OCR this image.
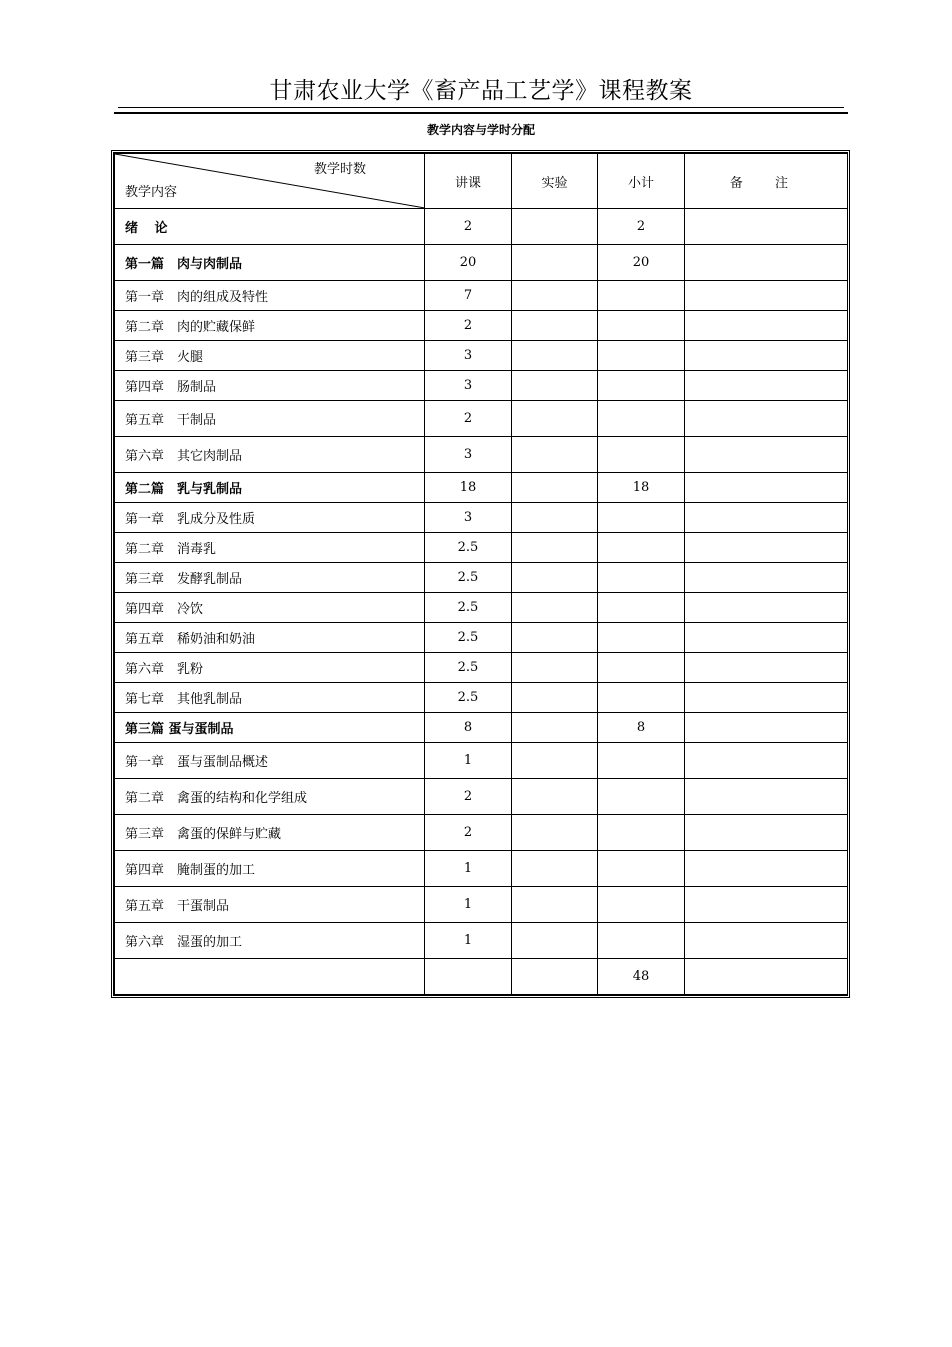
甘肃农业大学《畜产品工艺学》课程教案
教学内容与学时分配
教学时数
教学内容	讲课	实验	小计	备 注
绪 论	2		2	
第一篇　肉与肉制品	20		20	
第一章　肉的组成及特性	7			
第二章　肉的贮藏保鲜	2			
第三章　火腿	3			
第四章　肠制品	3			
第五章　干制品	2			
第六章　其它肉制品	3			
第二篇　乳与乳制品	18		18	
第一章　乳成分及性质	3			
第二章　消毒乳	2.5			
第三章　发酵乳制品	2.5			
第四章　冷饮	2.5			
第五章　稀奶油和奶油	2.5			
第六章　乳粉	2.5			
第七章　其他乳制品	2.5			
第三篇 蛋与蛋制品	8		8	
第一章　蛋与蛋制品概述	1			
第二章　禽蛋的结构和化学组成	2			
第三章　禽蛋的保鲜与贮藏	2			
第四章　腌制蛋的加工	1			
第五章　干蛋制品	1			
第六章　湿蛋的加工	1			
			48	
